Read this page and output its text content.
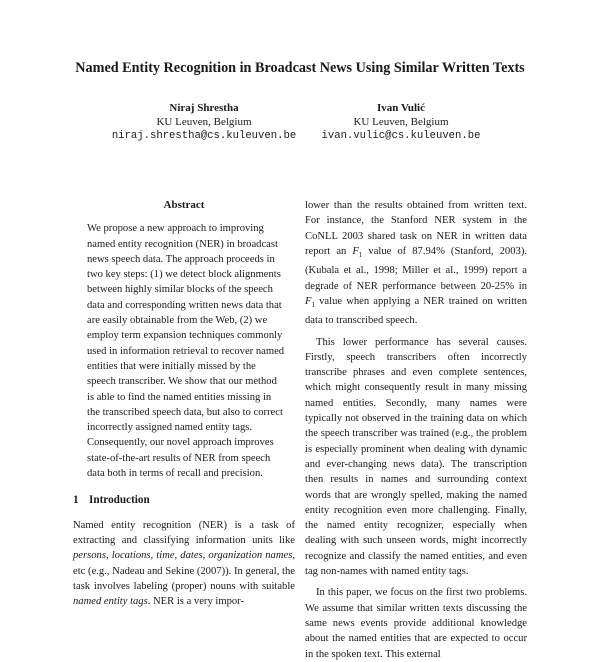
Named Entity Recognition in Broadcast News Using Similar Written Texts
Niraj Shrestha
KU Leuven, Belgium
niraj.shrestha@cs.kuleuven.be
Ivan Vulić
KU Leuven, Belgium
ivan.vulic@cs.kuleuven.be
Abstract

We propose a new approach to improving named entity recognition (NER) in broadcast news speech data. The approach proceeds in two key steps: (1) we detect block alignments between highly similar blocks of the speech data and corresponding written news data that are easily obtainable from the Web, (2) we employ term expansion techniques commonly used in information retrieval to recover named entities that were initially missed by the speech transcriber. We show that our method is able to find the named entities missing in the transcribed speech data, but also to correct incorrectly assigned named entity tags. Consequently, our novel approach improves state-of-the-art results of NER from speech data both in terms of recall and precision.

1 Introduction

Named entity recognition (NER) is a task of extracting and classifying information units like persons, locations, time, dates, organization names, etc (e.g., Nadeau and Sekine (2007)). In general, the task involves labeling (proper) nouns with suitable named entity tags. NER is a very impor-

lower than the results obtained from written text. For instance, the Stanford NER system in the CoNLL 2003 shared task on NER in written data report an $F_1$ value of 87.94% (Stanford, 2003). (Kubala et al., 1998; Miller et al., 1999) report a degrade of NER performance between 20-25% in $F_1$ value when applying a NER trained on written data to transcribed speech.

This lower performance has several causes. Firstly, speech transcribers often incorrectly transcribe phrases and even complete sentences, which might consequently result in many missing named entities. Secondly, many names were typically not observed in the training data on which the speech transcriber was trained (e.g., the problem is especially prominent when dealing with dynamic and ever-changing news data). The transcription then results in names and surrounding context words that are wrongly spelled, making the named entity recognition even more challenging. Finally, the named entity recognizer, especially when dealing with such unseen words, might incorrectly recognize and classify the named entities, and even tag non-names with named entity tags.

In this paper, we focus on the first two problems. We assume that similar written texts discussing the same news events provide additional knowledge about the named entities that are expected to occur in the spoken text. This external
